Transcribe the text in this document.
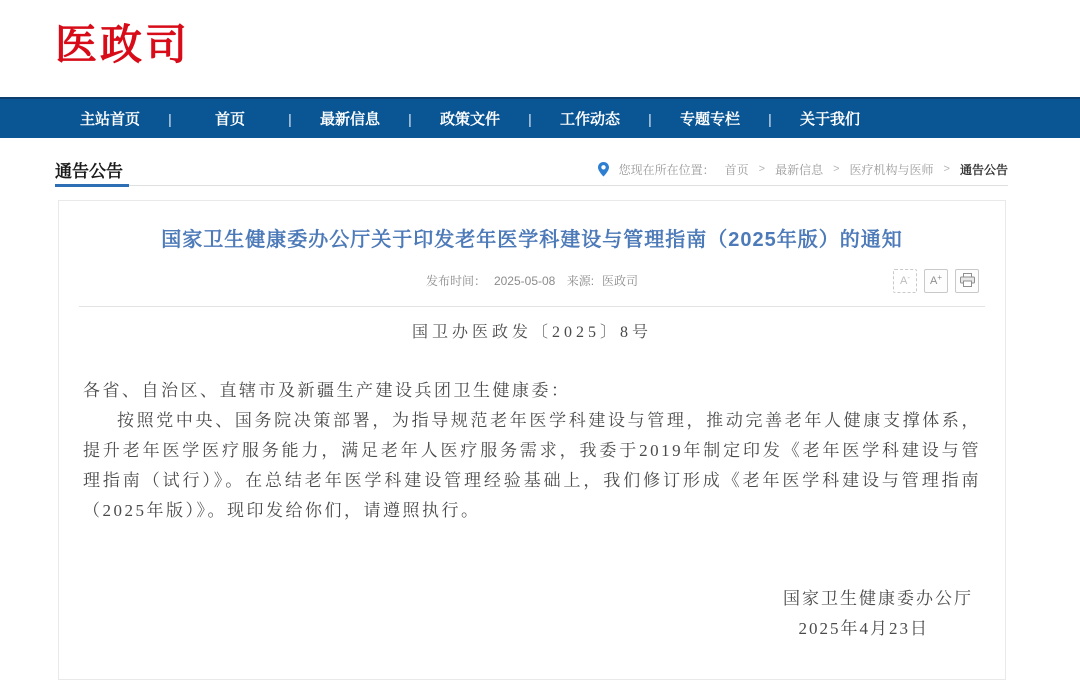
医政司
主站首页	|	首页	|	最新信息	|	政策文件	|	工作动态	|	专题专栏	|	关于我们
通告公告	您现在所在位置： 首页 > 最新信息 > 医疗机构与医师 > 通告公告
国家卫生健康委办公厅关于印发老年医学科建设与管理指南（2025年版）的通知
发布时间： 2025-05-08 来源: 医政司	A- A+
国卫办医政发〔2025〕8号
各省、自治区、直辖市及新疆生产建设兵团卫生健康委：
按照党中央、国务院决策部署，为指导规范老年医学科建设与管理，推动完善老年人健康支撑体系，提升老年医学医疗服务能力，满足老年人医疗服务需求，我委于2019年制定印发《老年医学科建设与管理指南（试行）》。在总结老年医学科建设管理经验基础上，我们修订形成《老年医学科建设与管理指南（2025年版）》。现印发给你们，请遵照执行。
国家卫生健康委办公厅
2025年4月23日
